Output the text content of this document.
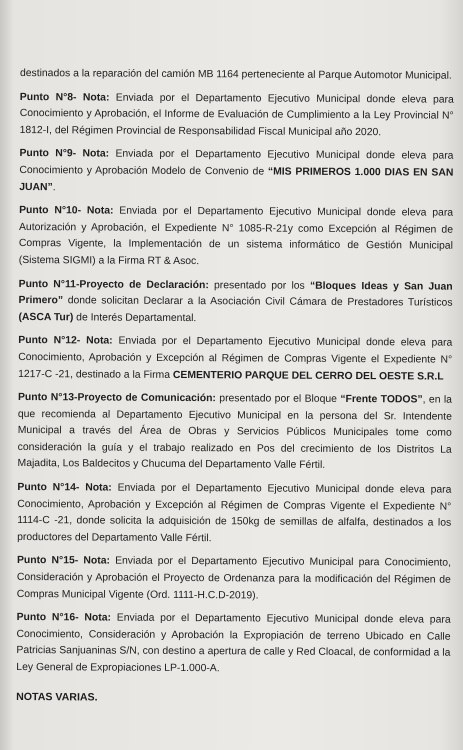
destinados a la reparación del camión MB 1164 perteneciente al Parque Automotor Municipal.

Punto N°8- Nota: Enviada por el Departamento Ejecutivo Municipal donde eleva para Conocimiento y Aprobación, el Informe de Evaluación de Cumplimiento a la Ley Provincial N° 1812-I, del Régimen Provincial de Responsabilidad Fiscal Municipal año 2020.

Punto N°9- Nota: Enviada por el Departamento Ejecutivo Municipal donde eleva para Conocimiento y Aprobación Modelo de Convenio de “MIS PRIMEROS 1.000 DIAS EN SAN JUAN”.

Punto N°10- Nota: Enviada por el Departamento Ejecutivo Municipal donde eleva para Autorización y Aprobación, el Expediente N° 1085-R-21y como Excepción al Régimen de Compras Vigente, la Implementación de un sistema informático de Gestión Municipal (Sistema SIGMI) a la Firma RT & Asoc.

Punto N°11-Proyecto de Declaración: presentado por los “Bloques Ideas y San Juan Primero” donde solicitan Declarar a la Asociación Civil Cámara de Prestadores Turísticos (ASCA Tur) de Interés Departamental.

Punto N°12- Nota: Enviada por el Departamento Ejecutivo Municipal donde eleva para Conocimiento, Aprobación y Excepción al Régimen de Compras Vigente el Expediente N° 1217-C -21, destinado a la Firma CEMENTERIO PARQUE DEL CERRO DEL OESTE S.R.L

Punto N°13-Proyecto de Comunicación: presentado por el Bloque “Frente TODOS”, en la que recomienda al Departamento Ejecutivo Municipal en la persona del Sr. Intendente Municipal a través del Área de Obras y Servicios Públicos Municipales tome como consideración la guía y el trabajo realizado en Pos del crecimiento de los Distritos La Majadita, Los Baldecitos y Chucuma del Departamento Valle Fértil.

Punto N°14- Nota: Enviada por el Departamento Ejecutivo Municipal donde eleva para Conocimiento, Aprobación y Excepción al Régimen de Compras Vigente el Expediente N° 1114-C -21, donde solicita la adquisición de 150kg de semillas de alfalfa, destinados a los productores del Departamento Valle Fértil.

Punto N°15- Nota: Enviada por el Departamento Ejecutivo Municipal para Conocimiento, Consideración y Aprobación el Proyecto de Ordenanza para la modificación del Régimen de Compras Municipal Vigente (Ord. 1111-H.C.D-2019).

Punto N°16- Nota: Enviada por el Departamento Ejecutivo Municipal donde eleva para Conocimiento, Consideración y Aprobación la Expropiación de terreno Ubicado en Calle Patricias Sanjuaninas S/N, con destino a apertura de calle y Red Cloacal, de conformidad a la Ley General de Expropiaciones LP-1.000-A.

NOTAS VARIAS.
